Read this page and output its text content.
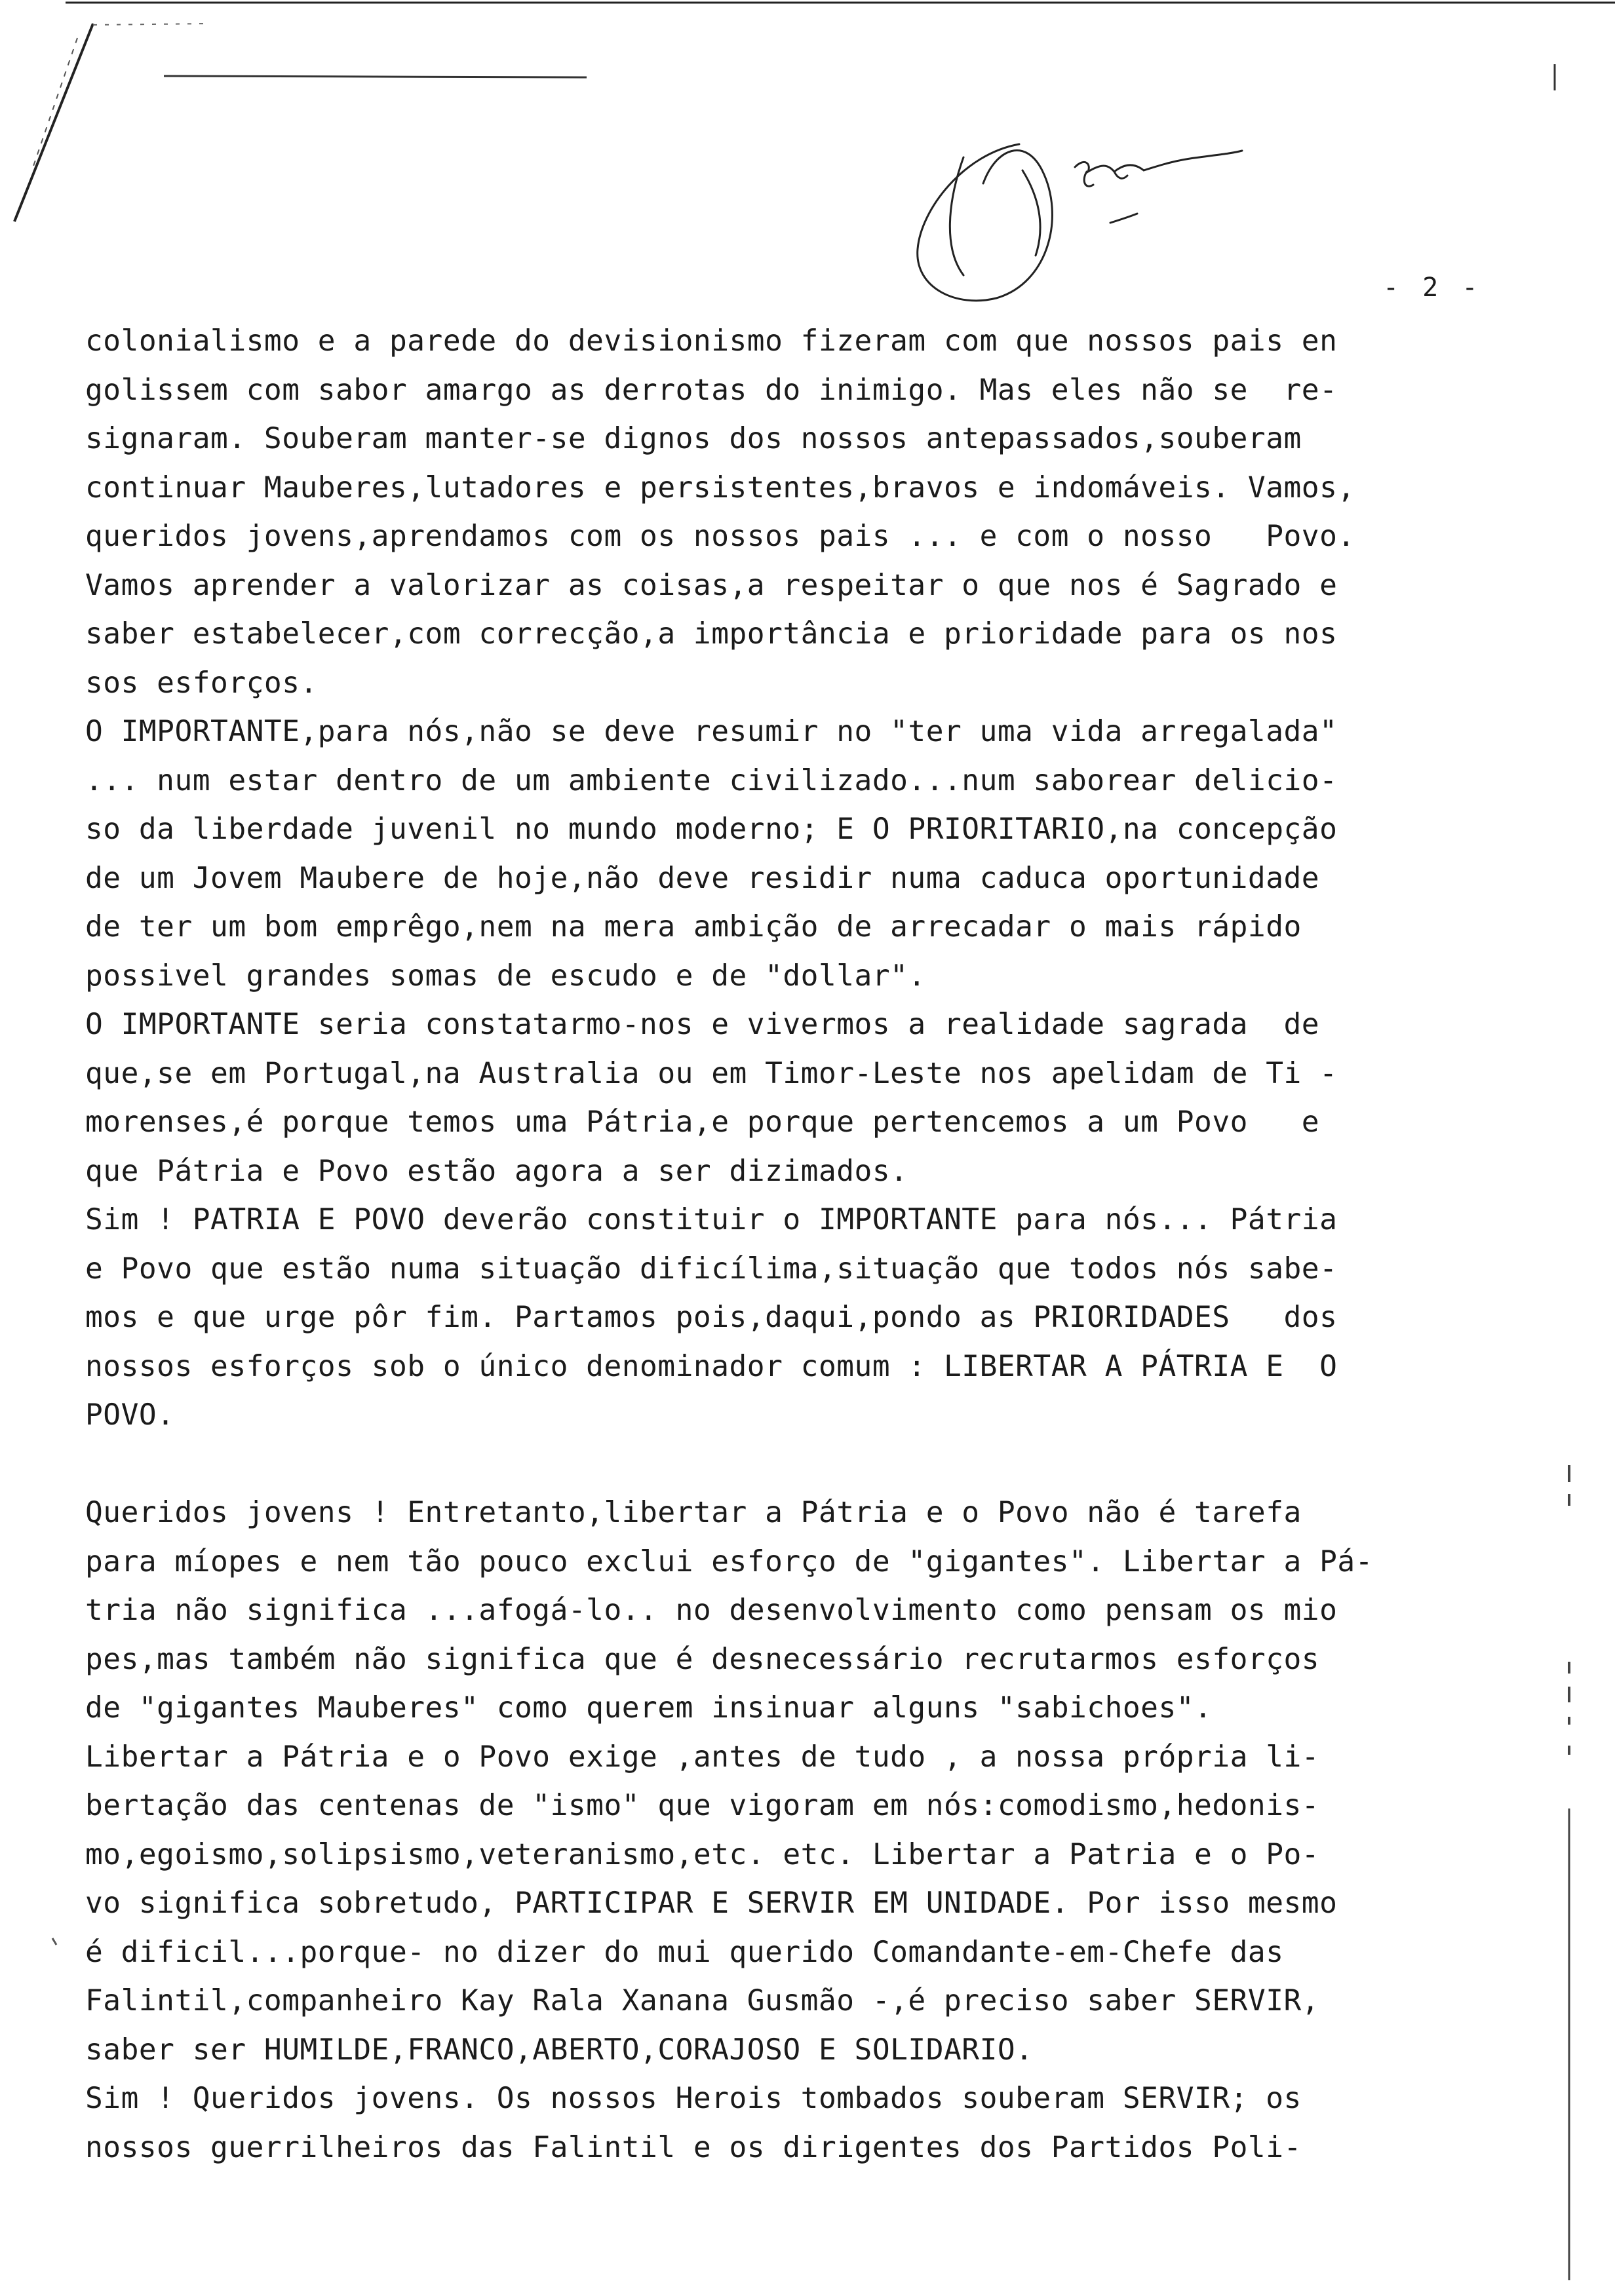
- 2 -
colonialismo e a parede do devisionismo fizeram com que nossos pais en
golissem com sabor amargo as derrotas do inimigo. Mas eles não se  re-
signaram. Souberam manter-se dignos dos nossos antepassados,souberam
continuar Mauberes,lutadores e persistentes,bravos e indomáveis. Vamos,
queridos jovens,aprendamos com os nossos pais ... e com o nosso   Povo.
Vamos aprender a valorizar as coisas,a respeitar o que nos é Sagrado e
saber estabelecer,com correcção,a importância e prioridade para os nos
sos esforços.
O IMPORTANTE,para nós,não se deve resumir no "ter uma vida arregalada"
... num estar dentro de um ambiente civilizado...num saborear delicio-
so da liberdade juvenil no mundo moderno; E O PRIORITARIO,na concepção
de um Jovem Maubere de hoje,não deve residir numa caduca oportunidade
de ter um bom emprêgo,nem na mera ambição de arrecadar o mais rápido
possivel grandes somas de escudo e de "dollar".
O IMPORTANTE seria constatarmo-nos e vivermos a realidade sagrada  de
que,se em Portugal,na Australia ou em Timor-Leste nos apelidam de Ti -
morenses,é porque temos uma Pátria,e porque pertencemos a um Povo   e
que Pátria e Povo estão agora a ser dizimados.
Sim ! PATRIA E POVO deverão constituir o IMPORTANTE para nós... Pátria
e Povo que estão numa situação dificílima,situação que todos nós sabe-
mos e que urge pôr fim. Partamos pois,daqui,pondo as PRIORIDADES   dos
nossos esforços sob o único denominador comum : LIBERTAR A PÁTRIA E  O
POVO.
Queridos jovens ! Entretanto,libertar a Pátria e o Povo não é tarefa
para míopes e nem tão pouco exclui esforço de "gigantes". Libertar a Pá-
tria não significa ...afogá-lo.. no desenvolvimento como pensam os mio
pes,mas também não significa que é desnecessário recrutarmos esforços
de "gigantes Mauberes" como querem insinuar alguns "sabichoes".
Libertar a Pátria e o Povo exige ,antes de tudo , a nossa própria li-
bertação das centenas de "ismo" que vigoram em nós:comodismo,hedonis-
mo,egoismo,solipsismo,veteranismo,etc. etc. Libertar a Patria e o Po-
vo significa sobretudo, PARTICIPAR E SERVIR EM UNIDADE. Por isso mesmo
é dificil...porque- no dizer do mui querido Comandante-em-Chefe das
Falintil,companheiro Kay Rala Xanana Gusmão -,é preciso saber SERVIR,
saber ser HUMILDE,FRANCO,ABERTO,CORAJOSO E SOLIDARIO.
Sim ! Queridos jovens. Os nossos Herois tombados souberam SERVIR; os
nossos guerrilheiros das Falintil e os dirigentes dos Partidos Poli-
